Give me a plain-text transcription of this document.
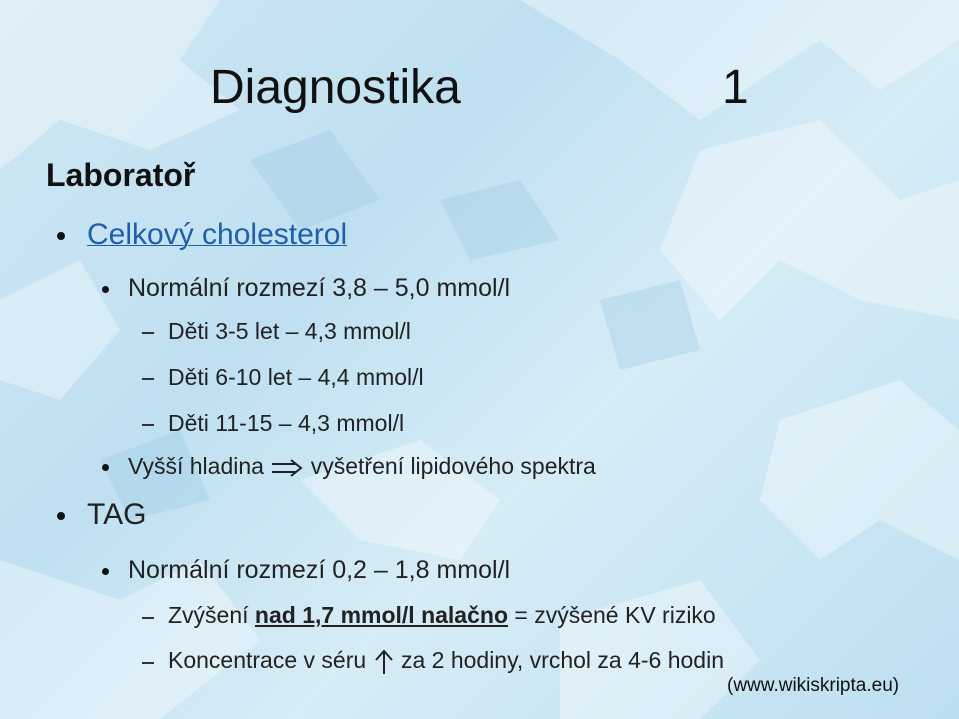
Diagnostika	1
Laboratoř
Celkový cholesterol
Normální rozmezí 3,8 – 5,0 mmol/l
Děti 3-5 let – 4,3 mmol/l
Děti 6-10 let – 4,4 mmol/l
Děti 11-15 – 4,3 mmol/l
Vyšší hladina vyšetření lipidového spektra
TAG
Normální rozmezí 0,2 – 1,8 mmol/l
Zvýšení nad 1,7 mmol/l nalačno = zvýšené KV riziko
Koncentrace v séru za 2 hodiny, vrchol za 4-6 hodin
(www.wikiskripta.eu)
